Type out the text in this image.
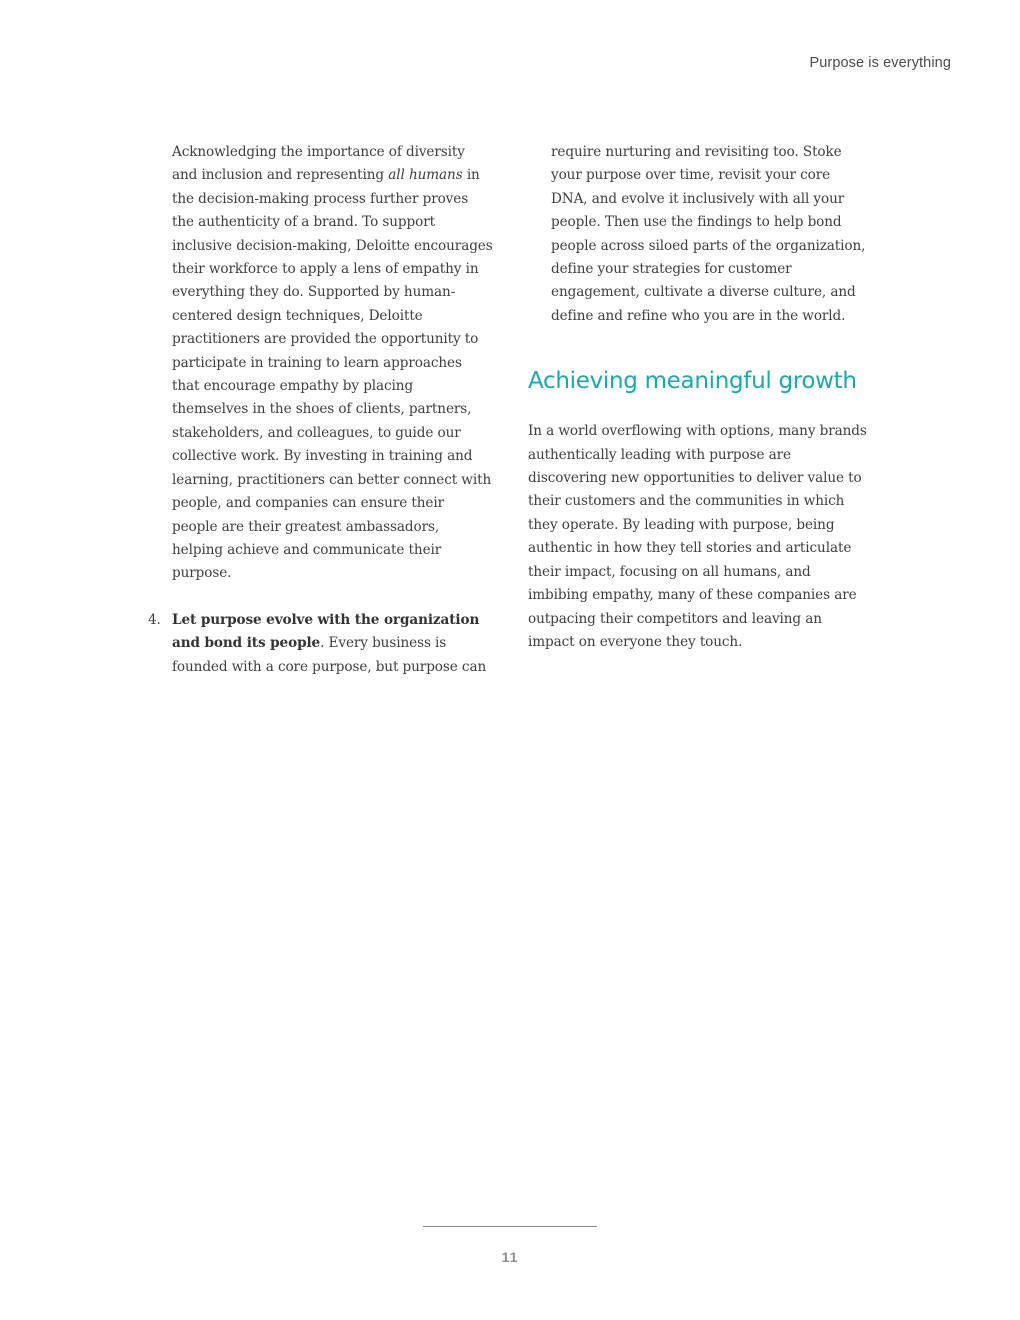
Purpose is everything

Acknowledging the importance of diversity and inclusion and representing all humans in the decision-making process further proves the authenticity of a brand. To support inclusive decision-making, Deloitte encourages their workforce to apply a lens of empathy in everything they do. Supported by human-centered design techniques, Deloitte practitioners are provided the opportunity to participate in training to learn approaches that encourage empathy by placing themselves in the shoes of clients, partners, stakeholders, and colleagues, to guide our collective work. By investing in training and learning, practitioners can better connect with people, and companies can ensure their people are their greatest ambassadors, helping achieve and communicate their purpose.

4. Let purpose evolve with the organization and bond its people. Every business is founded with a core purpose, but purpose can

require nurturing and revisiting too. Stoke your purpose over time, revisit your core DNA, and evolve it inclusively with all your people. Then use the findings to help bond people across siloed parts of the organization, define your strategies for customer engagement, cultivate a diverse culture, and define and refine who you are in the world.

Achieving meaningful growth

In a world overflowing with options, many brands authentically leading with purpose are discovering new opportunities to deliver value to their customers and the communities in which they operate. By leading with purpose, being authentic in how they tell stories and articulate their impact, focusing on all humans, and imbibing empathy, many of these companies are outpacing their competitors and leaving an impact on everyone they touch.

11
